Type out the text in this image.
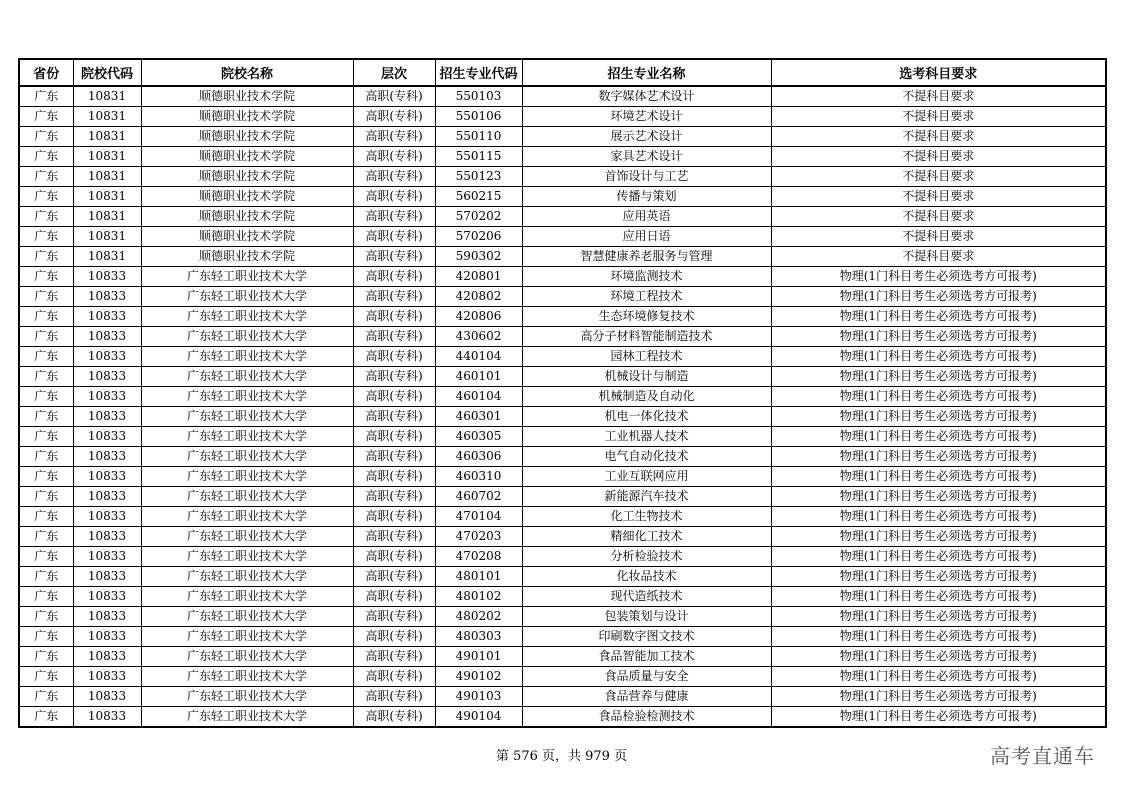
省份	院校代码	院校名称	层次	招生专业代码	招生专业名称	选考科目要求
广东	10831	顺德职业技术学院	高职(专科)	550103	数字媒体艺术设计	不提科目要求
广东	10831	顺德职业技术学院	高职(专科)	550106	环境艺术设计	不提科目要求
广东	10831	顺德职业技术学院	高职(专科)	550110	展示艺术设计	不提科目要求
广东	10831	顺德职业技术学院	高职(专科)	550115	家具艺术设计	不提科目要求
广东	10831	顺德职业技术学院	高职(专科)	550123	首饰设计与工艺	不提科目要求
广东	10831	顺德职业技术学院	高职(专科)	560215	传播与策划	不提科目要求
广东	10831	顺德职业技术学院	高职(专科)	570202	应用英语	不提科目要求
广东	10831	顺德职业技术学院	高职(专科)	570206	应用日语	不提科目要求
广东	10831	顺德职业技术学院	高职(专科)	590302	智慧健康养老服务与管理	不提科目要求
广东	10833	广东轻工职业技术大学	高职(专科)	420801	环境监测技术	物理(1门科目考生必须选考方可报考)
广东	10833	广东轻工职业技术大学	高职(专科)	420802	环境工程技术	物理(1门科目考生必须选考方可报考)
广东	10833	广东轻工职业技术大学	高职(专科)	420806	生态环境修复技术	物理(1门科目考生必须选考方可报考)
广东	10833	广东轻工职业技术大学	高职(专科)	430602	高分子材料智能制造技术	物理(1门科目考生必须选考方可报考)
广东	10833	广东轻工职业技术大学	高职(专科)	440104	园林工程技术	物理(1门科目考生必须选考方可报考)
广东	10833	广东轻工职业技术大学	高职(专科)	460101	机械设计与制造	物理(1门科目考生必须选考方可报考)
广东	10833	广东轻工职业技术大学	高职(专科)	460104	机械制造及自动化	物理(1门科目考生必须选考方可报考)
广东	10833	广东轻工职业技术大学	高职(专科)	460301	机电一体化技术	物理(1门科目考生必须选考方可报考)
广东	10833	广东轻工职业技术大学	高职(专科)	460305	工业机器人技术	物理(1门科目考生必须选考方可报考)
广东	10833	广东轻工职业技术大学	高职(专科)	460306	电气自动化技术	物理(1门科目考生必须选考方可报考)
广东	10833	广东轻工职业技术大学	高职(专科)	460310	工业互联网应用	物理(1门科目考生必须选考方可报考)
广东	10833	广东轻工职业技术大学	高职(专科)	460702	新能源汽车技术	物理(1门科目考生必须选考方可报考)
广东	10833	广东轻工职业技术大学	高职(专科)	470104	化工生物技术	物理(1门科目考生必须选考方可报考)
广东	10833	广东轻工职业技术大学	高职(专科)	470203	精细化工技术	物理(1门科目考生必须选考方可报考)
广东	10833	广东轻工职业技术大学	高职(专科)	470208	分析检验技术	物理(1门科目考生必须选考方可报考)
广东	10833	广东轻工职业技术大学	高职(专科)	480101	化妆品技术	物理(1门科目考生必须选考方可报考)
广东	10833	广东轻工职业技术大学	高职(专科)	480102	现代造纸技术	物理(1门科目考生必须选考方可报考)
广东	10833	广东轻工职业技术大学	高职(专科)	480202	包装策划与设计	物理(1门科目考生必须选考方可报考)
广东	10833	广东轻工职业技术大学	高职(专科)	480303	印刷数字图文技术	物理(1门科目考生必须选考方可报考)
广东	10833	广东轻工职业技术大学	高职(专科)	490101	食品智能加工技术	物理(1门科目考生必须选考方可报考)
广东	10833	广东轻工职业技术大学	高职(专科)	490102	食品质量与安全	物理(1门科目考生必须选考方可报考)
广东	10833	广东轻工职业技术大学	高职(专科)	490103	食品营养与健康	物理(1门科目考生必须选考方可报考)
广东	10833	广东轻工职业技术大学	高职(专科)	490104	食品检验检测技术	物理(1门科目考生必须选考方可报考)
第 576 页，共 979 页	高考直通车
